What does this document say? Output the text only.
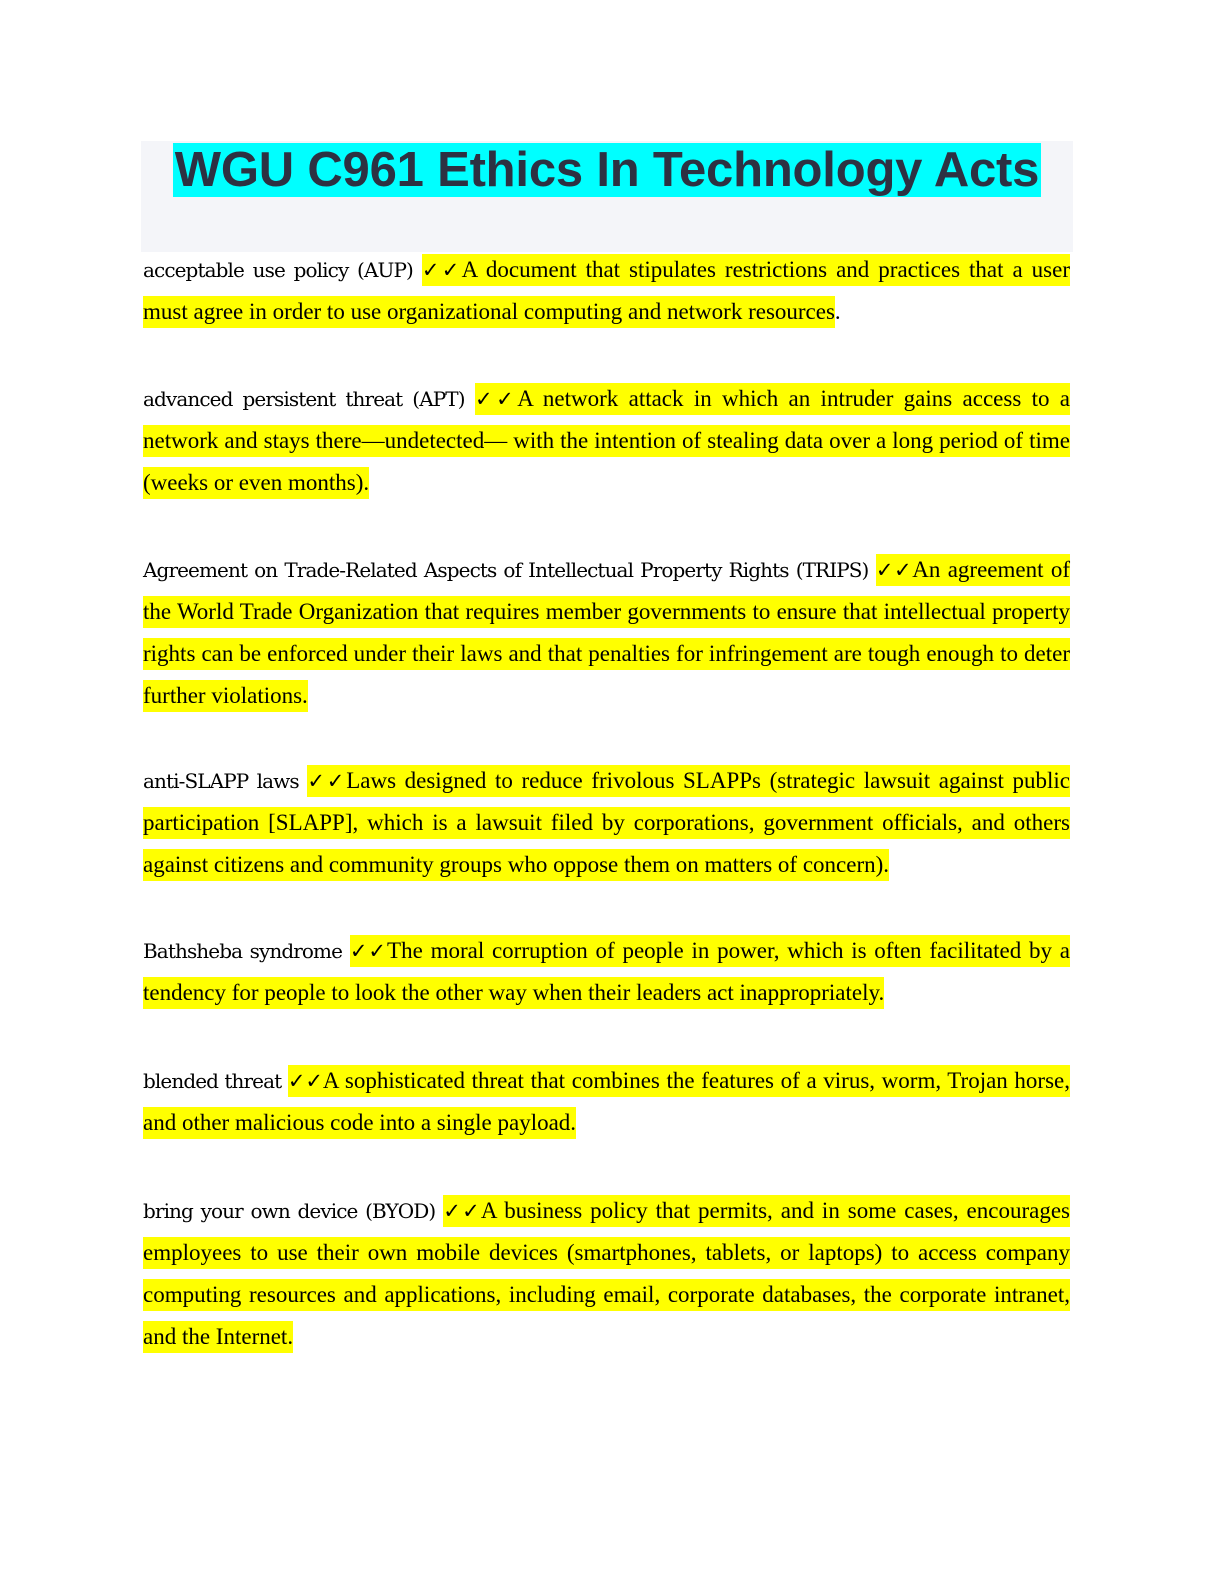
WGU C961 Ethics In Technology Acts

acceptable use policy (AUP) ✓✓A document that stipulates restrictions and practices that a user must agree in order to use organizational computing and network resources.

advanced persistent threat (APT) ✓✓A network attack in which an intruder gains access to a network and stays there—undetected— with the intention of stealing data over a long period of time (weeks or even months).

Agreement on Trade-Related Aspects of Intellectual Property Rights (TRIPS) ✓✓An agreement of the World Trade Organization that requires member governments to ensure that intellectual property rights can be enforced under their laws and that penalties for infringement are tough enough to deter further violations.

anti-SLAPP laws ✓✓Laws designed to reduce frivolous SLAPPs (strategic lawsuit against public participation [SLAPP], which is a lawsuit filed by corporations, government officials, and others against citizens and community groups who oppose them on matters of concern).

Bathsheba syndrome ✓✓The moral corruption of people in power, which is often facilitated by a tendency for people to look the other way when their leaders act inappropriately.

blended threat ✓✓A sophisticated threat that combines the features of a virus, worm, Trojan horse, and other malicious code into a single payload.

bring your own device (BYOD) ✓✓A business policy that permits, and in some cases, encourages employees to use their own mobile devices (smartphones, tablets, or laptops) to access company computing resources and applications, including email, corporate databases, the corporate intranet, and the Internet.
